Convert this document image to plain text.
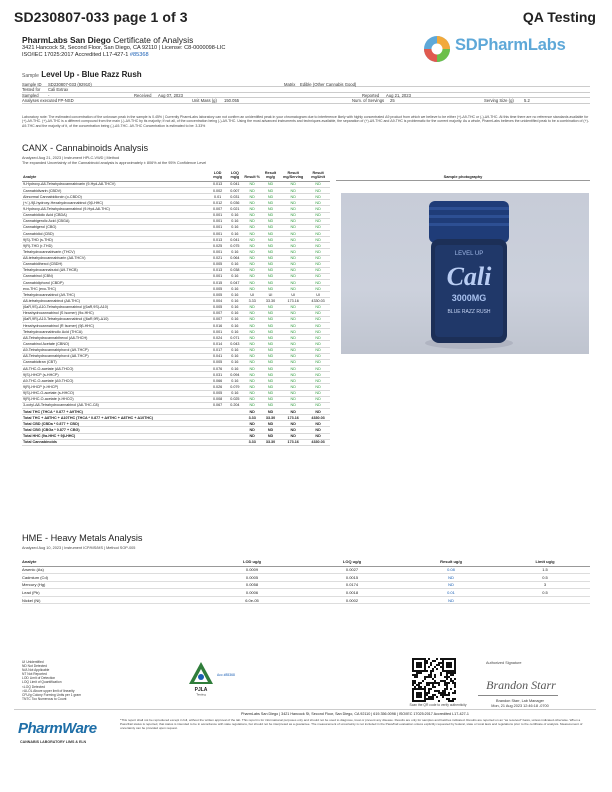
SD230807-033 page 1 of 3	QA Testing
PharmLabs San Diego Certificate of Analysis
3421 Hancock St, Second Floor, San Diego, CA 92110 | License: C8-0000098-LIC
ISO/IEC 17025:2017 Accredited L17-427-1 #85368
SDPharmLabs
Sample Level Up - Blue Razz Rush
Sample ID SD230807-033 (92910)	Matrix Edible (Other Cannabis Good)
Tested for Cali Extrax
Sampled -	Received Aug 07, 2023	Reported Aug 21, 2023
Analyses executed FP-NSD	Unit Mass (g) 150.055	Num. of Servings 25	Serving Size (g) 5.2
Laboratory note: The estimated concentration of the unknown peak in the sample is 0.45% | Currently PharmLabs laboratory can not confirm an unidentified peak in your chromatogram due to interference likely with highly concentrated Δ9 product from which we believe to be either (+)-Δ9-THC or (-)-Δ9-THC. At this time there are no reference standards available for (+)-Δ9-THC. (+)-Δ9-THC is a different compound from the main (-)-Δ9-THC by its majority; If not all, of the concentration being (-)-Δ9-THC. Using the most advanced instruments and techniques available, the separation of (+)-Δ9-THC and Δ9-THC is problematic for the current majority. As a whole, PharmLabs believes the unidentified peak to be a combination of (+)-Δ9-THC and the majority of it, of the concentration being (-)-Δ9-THC. Δ9-THC Concentration is estimated to be: 3.33%
CANX - Cannabinoids Analysis
Analyzed Aug 21, 2023 | Instrument HPLC-VWD | Method
The expanded Uncertainty of the Cannabinoid analysis is approximately ± 806% at the 95% Confidence Level
Analyte	LOD mg/g	LOQ mg/g	Result %	Result mg/g	Result mg/Serving	Result mg/Unit
9-Hydroxy-Δ8-Tetrahydrocannabivarin (9-Hyd-Δ8-THCV)	0.013	0.041	ND	ND	ND	ND
Cannabidivarin (CBDV)	0.002	0.007	ND	ND	ND	ND
Abnormal Cannabidiorcin (o-CBDO)	0.01	0.031	ND	ND	ND	ND
(+/-)-9β-hydroxy-Hexahydrocannabinol (9β-HHC)	0.012	0.036	ND	ND	ND	ND
9-Hydroxy-Δ8-Tetrahydrocannabinol (9-Hyd-Δ8-THC)	0.007	0.021	ND	ND	ND	ND
Cannabidiolic Acid (CBDA)	0.001	0.16	ND	ND	ND	ND
Cannabigerolic Acid (CBGA)	0.001	0.16	ND	ND	ND	ND
Cannabigerol (CBG)	0.001	0.16	ND	ND	ND	ND
Cannabidiol (CBD)	0.001	0.16	ND	ND	ND	ND
9(S)-THD (s-THD)	0.013	0.041	ND	ND	ND	ND
9(R)-THD (r-THD)	0.025	0.075	ND	ND	ND	ND
Tetrahydrocannabivarin (THCV)	0.001	0.16	ND	ND	ND	ND
Δ8-tetrahydrocannabivarin (Δ8-THCV)	0.021	0.064	ND	ND	ND	ND
Cannabidihexol (CBDH)	0.005	0.16	ND	ND	ND	ND
Tetrahydrocannabutol (Δ9-THCB)	0.013	0.038	ND	ND	ND	ND
Cannabinol (CBN)	0.001	0.16	ND	ND	ND	ND
Cannabidiphorol (CBDP)	0.015	0.047	ND	ND	ND	ND
exo-THC (exo-THC)	0.005	0.16	ND	ND	ND	ND
Tetrahydrocannabinol (Δ9-THC)	0.005	0.16	UI	UI	UI	UI
Δ8-tetrahydrocannabinol (Δ8-THC)	0.004	0.16	3.33	33.30	173.16	4330.03
(6aR,9S)-Δ10-Tetrahydrocannabinol ((6aR,9S)-Δ10)	0.005	0.16	ND	ND	ND	ND
Hexahydrocannabinol (S Isomer) (9α-HHC)	0.007	0.16	ND	ND	ND	ND
(6aR,9R)-Δ10-Tetrahydrocannabinol ((6aR,9R)-Δ10)	0.007	0.16	ND	ND	ND	ND
Hexahydrocannabinol (R Isomer) (9β-HHC)	0.016	0.16	ND	ND	ND	ND
Tetrahydrocannabinolic Acid (THCA)	0.001	0.16	ND	ND	ND	ND
Δ8-Tetrahydrocannabihexol (Δ8-THCH)	0.024	0.071	ND	ND	ND	ND
Cannabinol Acetate (CBNO)	0.014	0.043	ND	ND	ND	ND
Δ9-Tetrahydrocannabiphorol (Δ9-THCP)	0.017	0.16	ND	ND	ND	ND
Δ8-Tetrahydrocannabiphorol (Δ8-THCP)	0.041	0.16	ND	ND	ND	ND
Cannabicitran (CBT)	0.005	0.16	ND	ND	ND	ND
Δ8-THC-O-acetate (Δ8-THCO)	0.076	0.16	ND	ND	ND	ND
9(S)-HHCP (s-HHCP)	0.031	0.094	ND	ND	ND	ND
Δ9-THC-O-acetate (Δ9-THCO)	0.066	0.16	ND	ND	ND	ND
9(R)-HHCP (r-HHCP)	0.026	0.079	ND	ND	ND	ND
9(S)-HHC-O-acetate (s-HHCO)	0.005	0.16	ND	ND	ND	ND
9(R)-HHC-O-acetate (r-HHCO)	0.008	0.025	ND	ND	ND	ND
3-octyl-Δ8-Tetrahydrocannabinol (Δ8-THC-C8)	0.067	0.204	ND	ND	ND	ND
Total THC (THCA * 0.877 + Δ9THC)			ND	ND	ND	ND
Total THC + Δ8THC + Δ10THC (THCA * 0.877 + Δ9THC + Δ8THC + Δ10THC)			3.33	33.30	173.16	4330.03
Total CBD (CBDa * 0.877 + CBD)			ND	ND	ND	ND
Total CBG (CBGa * 0.877 + CBG)			ND	ND	ND	ND
Total HHC (9α-HHC + 9β-HHC)			ND	ND	ND	ND
Total Cannabinoids			3.33	33.30	173.16	4330.03
Sample photography
LEVEL UP
Cali
3000MG
BLUE RAZZ RUSH
HME - Heavy Metals Analysis
Analyzed Aug 10, 2023 | Instrument ICP/MS/MS | Method SOP-005
Analyte	LOD ug/g	LOQ ug/g	Result ug/g	Limit ug/g
Arsenic (As)	0.0009	0.0027	0.08	1.5
Cadmium (Cd)	0.0005	0.0015	ND	0.5
Mercury (Hg)	0.0058	0.0174	ND	3
Lead (Pb)	0.0006	0.0018	0.01	0.5
Nickel (Ni)	6.0e-05	0.0002	ND	
UI Unidentified
ND Not Detected
N/A Not Applicable
NT Not Reported
LOD Limit of Detection
LOQ Limit of Quantification
<LOQ Detected
>ULOL Above upper limit of linearity
CFU/g Colony Forming Units per 1 gram
TNTC Too Numerous to Count
PJLA
Testing
Acc #85368
Scan the QR code to verify authenticity
Authorized Signature
Brandon Starr
Brandon Starr, Lab Manager
Mon, 21 Aug 2023 12:46:18 -0700
PharmLabs San Diego | 3421 Hancock St, Second Floor, San Diego, CA 92110 | 619.356.0098 | ISO/IEC 17025:2017 Accredited L17-427-1
*This report shall not be reproduced except in full, without the written approval of the lab. This report is for informational purposes only and should not be used to diagnose, treat or prevent any disease. Results are only for samples and batches indicated. Results are reported on an "as received" basis, unless indicated otherwise. When a Pass/Fail status is reported, that status is intended to be in accordance with state regulations, but should not be interpreted as a guarantee. The measurement of uncertainty is not included in the Pass/Fail evaluation unless explicitly requested by federal, state or local laws and regulations prior to the certificate of analysis. Measurement of uncertainty can be provided upon request.
PharmWare
CANNABIS LABORATORY LIMS & ELN
